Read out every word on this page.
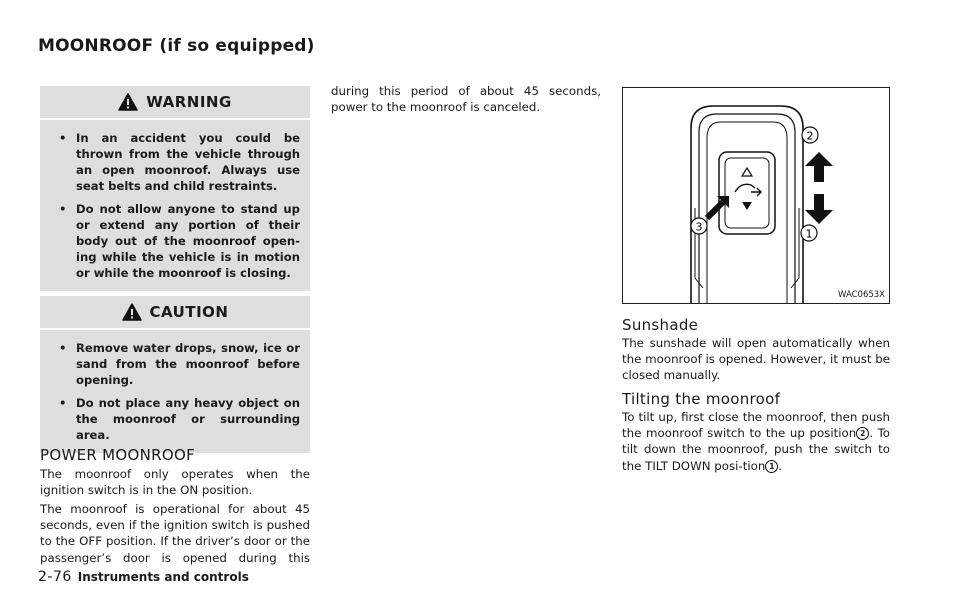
MOONROOF (if so equipped)
WARNING
• In an accident you could be thrown from the vehicle through an open moonroof. Always use seat belts and child restraints.
• Do not allow anyone to stand up or extend any portion of their body out of the moonroof open-ing while the vehicle is in motion or while the moonroof is closing.
CAUTION
• Remove water drops, snow, ice or sand from the moonroof before opening.
• Do not place any heavy object on the moonroof or surrounding area.
POWER MOONROOF
The moonroof only operates when the ignition switch is in the ON position.
The moonroof is operational for about 45 seconds, even if the ignition switch is pushed to the OFF position. If the driver’s door or the passenger’s door is opened during this
during this period of about 45 seconds, power to the moonroof is canceled.
2
1
3
WAC0653X
Sunshade
The sunshade will open automatically when the moonroof is opened. However, it must be closed manually.
Tilting the moonroof
To tilt up, first close the moonroof, then push the moonroof switch to the up position 2 . To tilt down the moonroof, push the switch to the TILT DOWN posi-tion 1 .
2-76 Instruments and controls
